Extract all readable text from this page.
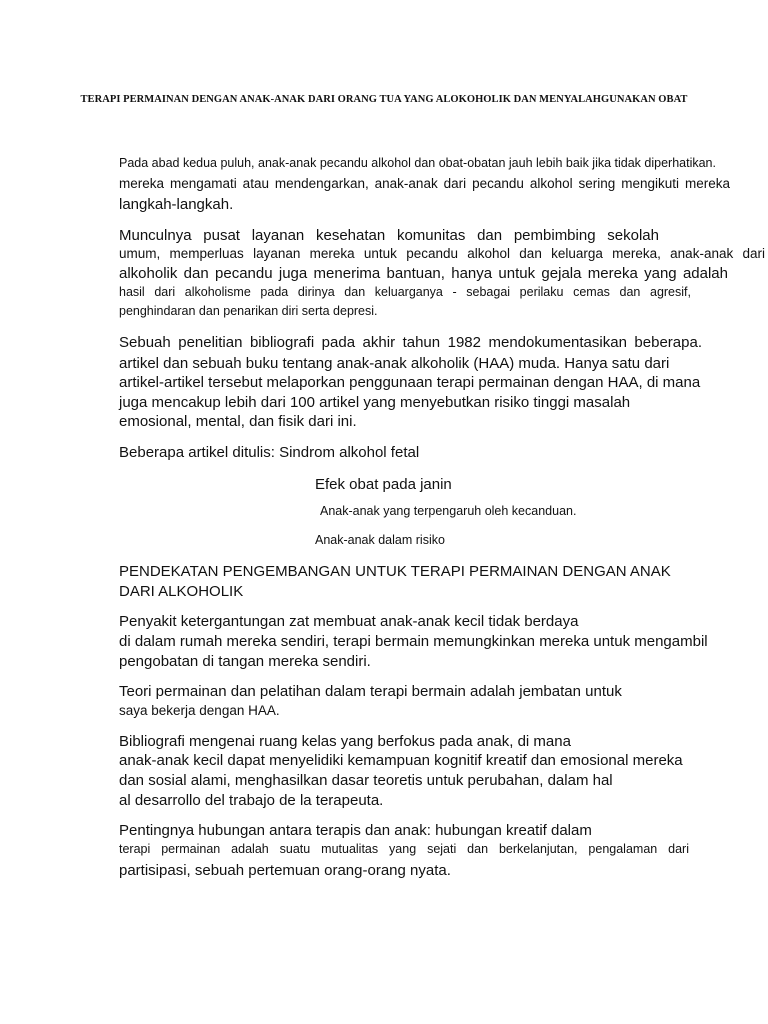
TERAPI PERMAINAN DENGAN ANAK-ANAK DARI ORANG TUA YANG ALOKOHOLIK DAN MENYALAHGUNAKAN OBAT
Pada abad kedua puluh, anak-anak pecandu alkohol dan obat-obatan jauh lebih baik jika tidak diperhatikan.
mereka mengamati atau mendengarkan, anak-anak dari pecandu alkohol sering mengikuti mereka
langkah-langkah.
Munculnya pusat layanan kesehatan komunitas dan pembimbing sekolah
umum, memperluas layanan mereka untuk pecandu alkohol dan keluarga mereka, anak-anak dari
alkoholik dan pecandu juga menerima bantuan, hanya untuk gejala mereka yang adalah
hasil dari alkoholisme pada dirinya dan keluarganya - sebagai perilaku cemas dan agresif,
penghindaran dan penarikan diri serta depresi.
Sebuah penelitian bibliografi pada akhir tahun 1982 mendokumentasikan beberapa.
artikel dan sebuah buku tentang anak-anak alkoholik (HAA) muda. Hanya satu dari
artikel-artikel tersebut melaporkan penggunaan terapi permainan dengan HAA, di mana
juga mencakup lebih dari 100 artikel yang menyebutkan risiko tinggi masalah
emosional, mental, dan fisik dari ini.
Beberapa artikel ditulis: Sindrom alkohol fetal
Efek obat pada janin
Anak-anak yang terpengaruh oleh kecanduan.
Anak-anak dalam risiko
PENDEKATAN PENGEMBANGAN UNTUK TERAPI PERMAINAN DENGAN ANAK
DARI ALKOHOLIK
Penyakit ketergantungan zat membuat anak-anak kecil tidak berdaya
di dalam rumah mereka sendiri, terapi bermain memungkinkan mereka untuk mengambil
pengobatan di tangan mereka sendiri.
Teori permainan dan pelatihan dalam terapi bermain adalah jembatan untuk
saya bekerja dengan HAA.
Bibliografi mengenai ruang kelas yang berfokus pada anak, di mana
anak-anak kecil dapat menyelidiki kemampuan kognitif kreatif dan emosional mereka
dan sosial alami, menghasilkan dasar teoretis untuk perubahan, dalam hal
al desarrollo del trabajo de la terapeuta.
Pentingnya hubungan antara terapis dan anak: hubungan kreatif dalam
terapi permainan adalah suatu mutualitas yang sejati dan berkelanjutan, pengalaman dari
partisipasi, sebuah pertemuan orang-orang nyata.
